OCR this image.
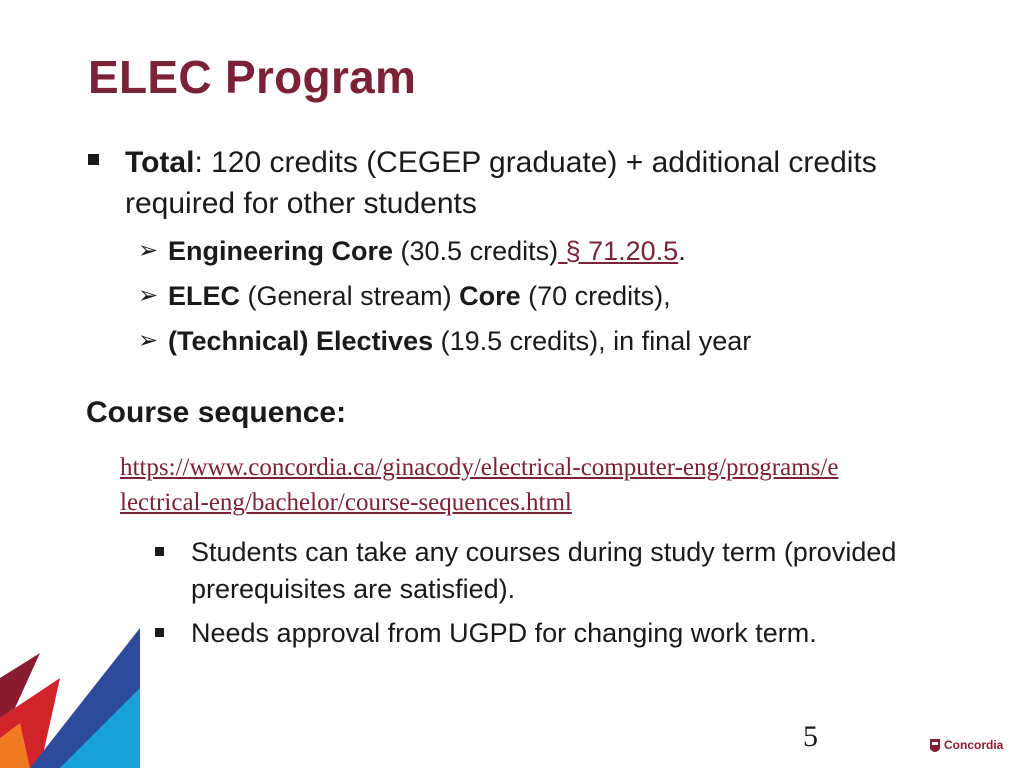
ELEC Program
Total: 120 credits (CEGEP graduate) + additional credits required for other students
➢ Engineering Core (30.5 credits) § 71.20.5 .
➢ ELEC (General stream) Core (70 credits),
➢ (Technical) Electives (19.5 credits), in final year
Course sequence:
https://www.concordia.ca/ginacody/electrical-computer-eng/programs/electrical-eng/bachelor/course-sequences.html
Students can take any courses during study term (provided prerequisites are satisfied).
Needs approval from UGPD for changing work term.
5	Concordia
